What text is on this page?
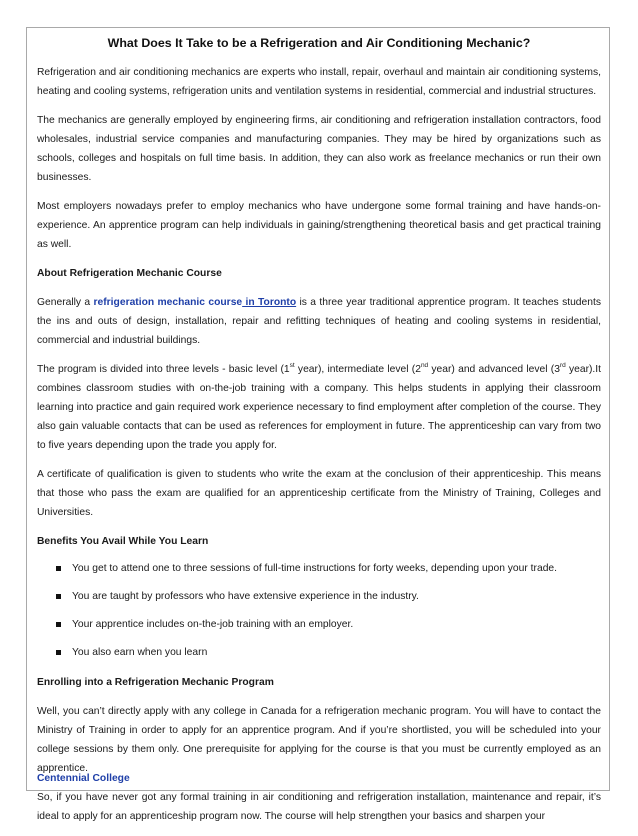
What Does It Take to be a Refrigeration and Air Conditioning Mechanic?

Refrigeration and air conditioning mechanics are experts who install, repair, overhaul and maintain air conditioning systems, heating and cooling systems, refrigeration units and ventilation systems in residential, commercial and industrial structures.

The mechanics are generally employed by engineering firms, air conditioning and refrigeration installation contractors, food wholesales, industrial service companies and manufacturing companies. They may be hired by organizations such as schools, colleges and hospitals on full time basis. In addition, they can also work as freelance mechanics or run their own businesses.

Most employers nowadays prefer to employ mechanics who have undergone some formal training and have hands-on-experience. An apprentice program can help individuals in gaining/strengthening theoretical basis and get practical training as well.

About Refrigeration Mechanic Course

Generally a refrigeration mechanic course in Toronto is a three year traditional apprentice program. It teaches students the ins and outs of design, installation, repair and refitting techniques of heating and cooling systems in residential, commercial and industrial buildings.

The program is divided into three levels - basic level (1st year), intermediate level (2nd year) and advanced level (3rd year).It combines classroom studies with on-the-job training with a company. This helps students in applying their classroom learning into practice and gain required work experience necessary to find employment after completion of the course. They also gain valuable contacts that can be used as references for employment in future. The apprenticeship can vary from two to five years depending upon the trade you apply for.

A certificate of qualification is given to students who write the exam at the conclusion of their apprenticeship. This means that those who pass the exam are qualified for an apprenticeship certificate from the Ministry of Training, Colleges and Universities.

Benefits You Avail While You Learn
You get to attend one to three sessions of full-time instructions for forty weeks, depending upon your trade.
You are taught by professors who have extensive experience in the industry.
Your apprentice includes on-the-job training with an employer.
You also earn when you learn
Enrolling into a Refrigeration Mechanic Program

Well, you can’t directly apply with any college in Canada for a refrigeration mechanic program. You will have to contact the Ministry of Training in order to apply for an apprentice program. And if you’re shortlisted, you will be scheduled into your college sessions by them only. One prerequisite for applying for the course is that you must be currently employed as an apprentice.

So, if you have never got any formal training in air conditioning and refrigeration installation, maintenance and repair, it’s ideal to apply for an apprenticeship program now. The course will help strengthen your basics and sharpen your

Centennial College
